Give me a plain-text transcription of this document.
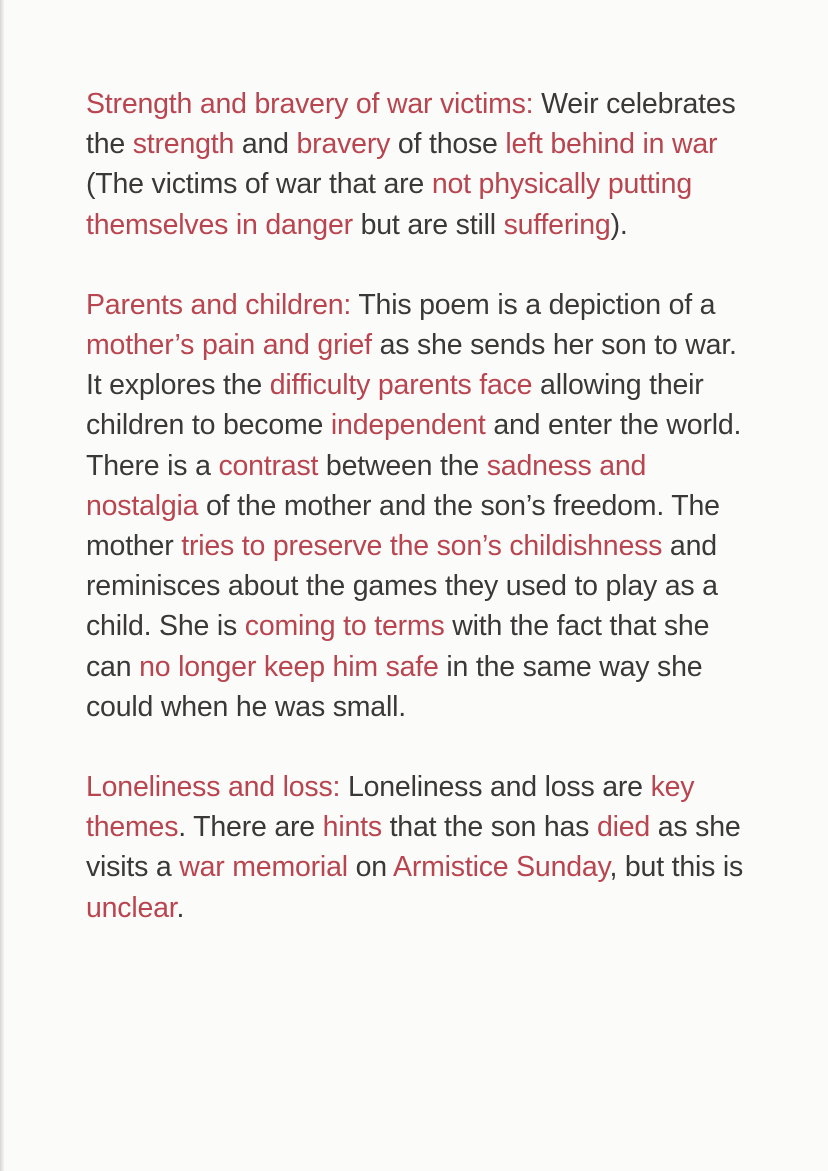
Strength and bravery of war victims: Weir celebrates the strength and bravery of those left behind in war (The victims of war that are not physically putting themselves in danger but are still suffering).

Parents and children: This poem is a depiction of a mother’s pain and grief as she sends her son to war. It explores the difficulty parents face allowing their children to become independent and enter the world. There is a contrast between the sadness and nostalgia of the mother and the son’s freedom. The mother tries to preserve the son’s childishness and reminisces about the games they used to play as a child. She is coming to terms with the fact that she can no longer keep him safe in the same way she could when he was small.

Loneliness and loss: Loneliness and loss are key themes. There are hints that the son has died as she visits a war memorial on Armistice Sunday, but this is unclear.
